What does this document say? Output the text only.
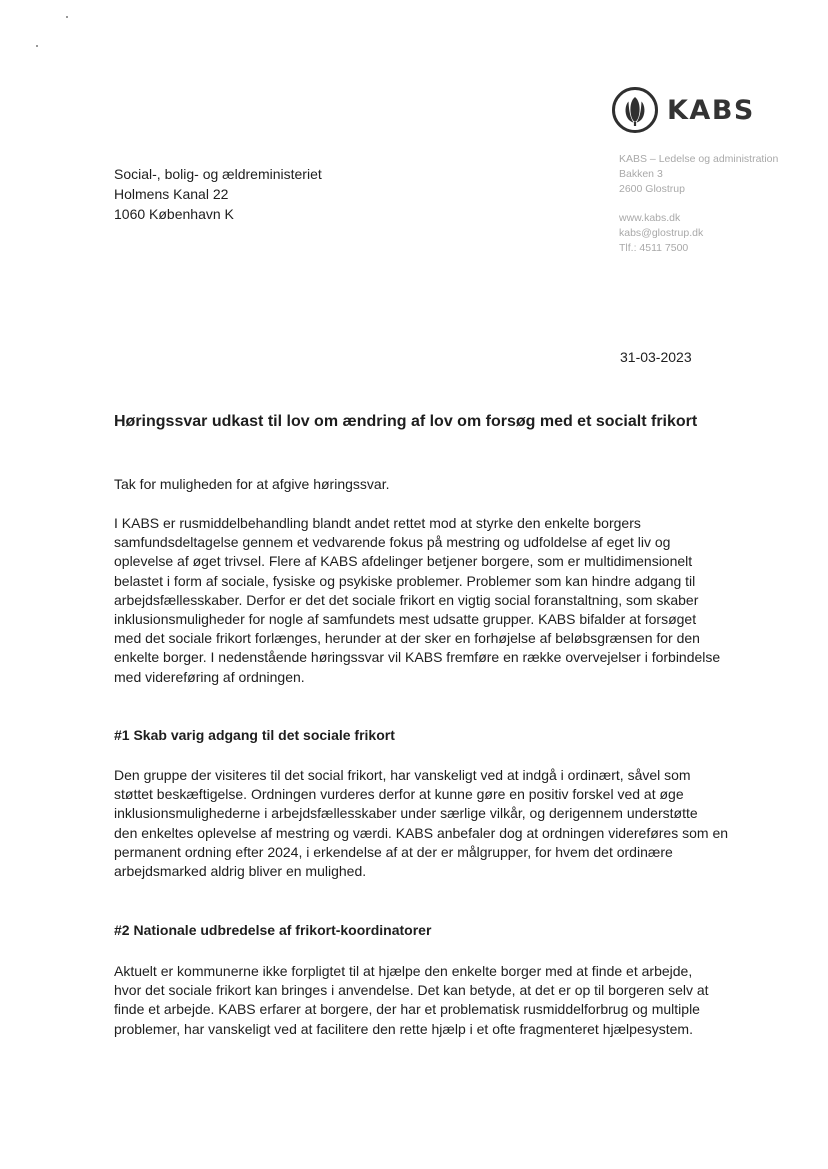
KABS
KABS – Ledelse og administration
Bakken 3
2600 Glostrup
www.kabs.dk
kabs@glostrup.dk
Tlf.: 4511 7500
Social-, bolig- og ældreministeriet
Holmens Kanal 22
1060 København K
31-03-2023
Høringssvar udkast til lov om ændring af lov om forsøg med et socialt frikort
Tak for muligheden for at afgive høringssvar.
I KABS er rusmiddelbehandling blandt andet rettet mod at styrke den enkelte borgers
samfundsdeltagelse gennem et vedvarende fokus på mestring og udfoldelse af eget liv og
oplevelse af øget trivsel. Flere af KABS afdelinger betjener borgere, som er multidimensionelt
belastet i form af sociale, fysiske og psykiske problemer. Problemer som kan hindre adgang til
arbejdsfællesskaber. Derfor er det det sociale frikort en vigtig social foranstaltning, som skaber
inklusionsmuligheder for nogle af samfundets mest udsatte grupper. KABS bifalder at forsøget
med det sociale frikort forlænges, herunder at der sker en forhøjelse af beløbsgrænsen for den
enkelte borger. I nedenstående høringssvar vil KABS fremføre en række overvejelser i forbindelse
med videreføring af ordningen.
#1 Skab varig adgang til det sociale frikort
Den gruppe der visiteres til det social frikort, har vanskeligt ved at indgå i ordinært, såvel som
støttet beskæftigelse. Ordningen vurderes derfor at kunne gøre en positiv forskel ved at øge
inklusionsmulighederne i arbejdsfællesskaber under særlige vilkår, og derigennem understøtte
den enkeltes oplevelse af mestring og værdi. KABS anbefaler dog at ordningen videreføres som en
permanent ordning efter 2024, i erkendelse af at der er målgrupper, for hvem det ordinære
arbejdsmarked aldrig bliver en mulighed.
#2 Nationale udbredelse af frikort-koordinatorer
Aktuelt er kommunerne ikke forpligtet til at hjælpe den enkelte borger med at finde et arbejde,
hvor det sociale frikort kan bringes i anvendelse. Det kan betyde, at det er op til borgeren selv at
finde et arbejde. KABS erfarer at borgere, der har et problematisk rusmiddelforbrug og multiple
problemer, har vanskeligt ved at facilitere den rette hjælp i et ofte fragmenteret hjælpesystem.
